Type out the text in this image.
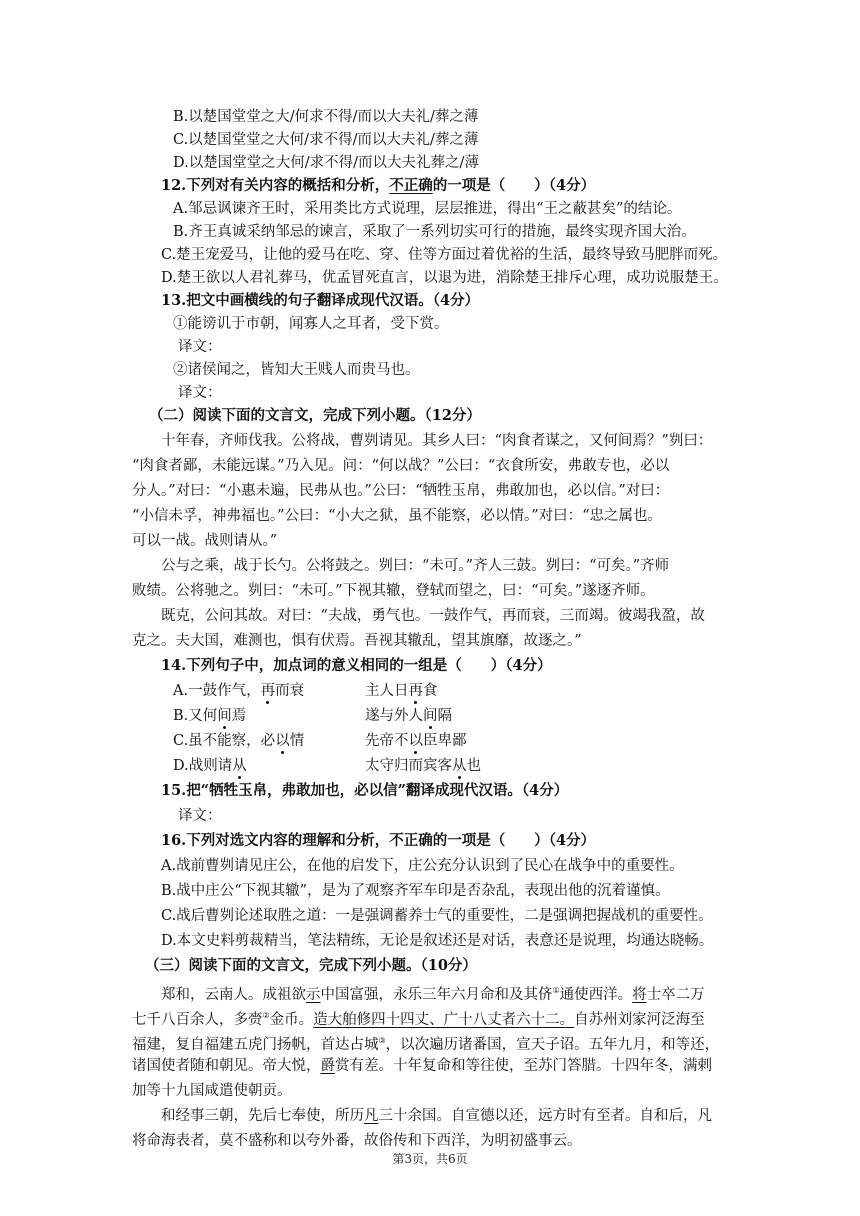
B.以楚国堂堂之大/何求不得/而以大夫礼/葬之薄
C.以楚国堂堂之大何/求不得/而以大夫礼/葬之薄
D.以楚国堂堂之大何/求不得/而以大夫礼葬之/薄
12.下列对有关内容的概括和分析，不正确的一项是（　　）（4分）
A.邹忌讽谏齐王时，采用类比方式说理，层层推进，得出“王之蔽甚矣”的结论。
B.齐王真诚采纳邹忌的谏言，采取了一系列切实可行的措施，最终实现齐国大治。
C.楚王宠爱马，让他的爱马在吃、穿、住等方面过着优裕的生活，最终导致马肥胖而死。
D.楚王欲以人君礼葬马，优孟冒死直言，以退为进，消除楚王排斥心理，成功说服楚王。
13.把文中画横线的句子翻译成现代汉语。（4分）
①能谤讥于市朝，闻寡人之耳者，受下赏。
译文：
②诸侯闻之，皆知大王贱人而贵马也。
译文：
（二）阅读下面的文言文，完成下列小题。（12分）
十年春，齐师伐我。公将战，曹刿请见。其乡人曰：“肉食者谋之，又何间焉？”刿曰：
“肉食者鄙，未能远谋。”乃入见。问：“何以战？”公曰：“衣食所安，弗敢专也，必以
分人。”对曰：“小惠未遍，民弗从也。”公曰：“牺牲玉帛，弗敢加也，必以信。”对曰：
“小信未孚，神弗福也。”公曰：“小大之狱，虽不能察，必以情。”对曰：“忠之属也。
可以一战。战则请从。”
公与之乘，战于长勺。公将鼓之。刿曰：“未可。”齐人三鼓。刿曰：“可矣。”齐师
败绩。公将驰之。刿曰：“未可。”下视其辙，登轼而望之，曰：“可矣。”遂逐齐师。
既克，公问其故。对曰：“夫战，勇气也。一鼓作气，再而衰，三而竭。彼竭我盈，故
克之。夫大国，难测也，惧有伏焉。吾视其辙乱，望其旗靡，故逐之。”
14.下列句子中，加点词的意义相同的一组是（　　）（4分）
A.一鼓作气，再而衰	主人日再食
B.又何间焉	遂与外人间隔
C.虽不能察，必以情	先帝不以臣卑鄙
D.战则请从	太守归而宾客从也
15.把“牺牲玉帛，弗敢加也，必以信”翻译成现代汉语。（4分）
译文：
16.下列对选文内容的理解和分析，不正确的一项是（　　）（4分）
A.战前曹刿请见庄公，在他的启发下，庄公充分认识到了民心在战争中的重要性。
B.战中庄公“下视其辙”，是为了观察齐军车印是否杂乱，表现出他的沉着谨慎。
C.战后曹刿论述取胜之道：一是强调蓄养士气的重要性，二是强调把握战机的重要性。
D.本文史料剪裁精当，笔法精练，无论是叙述还是对话，表意还是说理，均通达晓畅。
（三）阅读下面的文言文，完成下列小题。（10分）
郑和，云南人。成祖欲示中国富强，永乐三年六月命和及其侪①通使西洋。将士卒二万
七千八百余人，多赍②金币。造大舶修四十四丈、广十八丈者六十二。自苏州刘家河泛海至
福建，复自福建五虎门扬帆，首达占城③，以次遍历诸番国，宣天子诏。五年九月，和等还，
诸国使者随和朝见。帝大悦，爵赏有差。十年复命和等往使，至苏门答腊。十四年冬，满剌
加等十九国咸遣使朝贡。
和经事三朝，先后七奉使，所历凡三十余国。自宣德以还，远方时有至者。自和后，凡
将命海表者，莫不盛称和以夸外番，故俗传和下西洋，为明初盛事云。
第3页，共6页
